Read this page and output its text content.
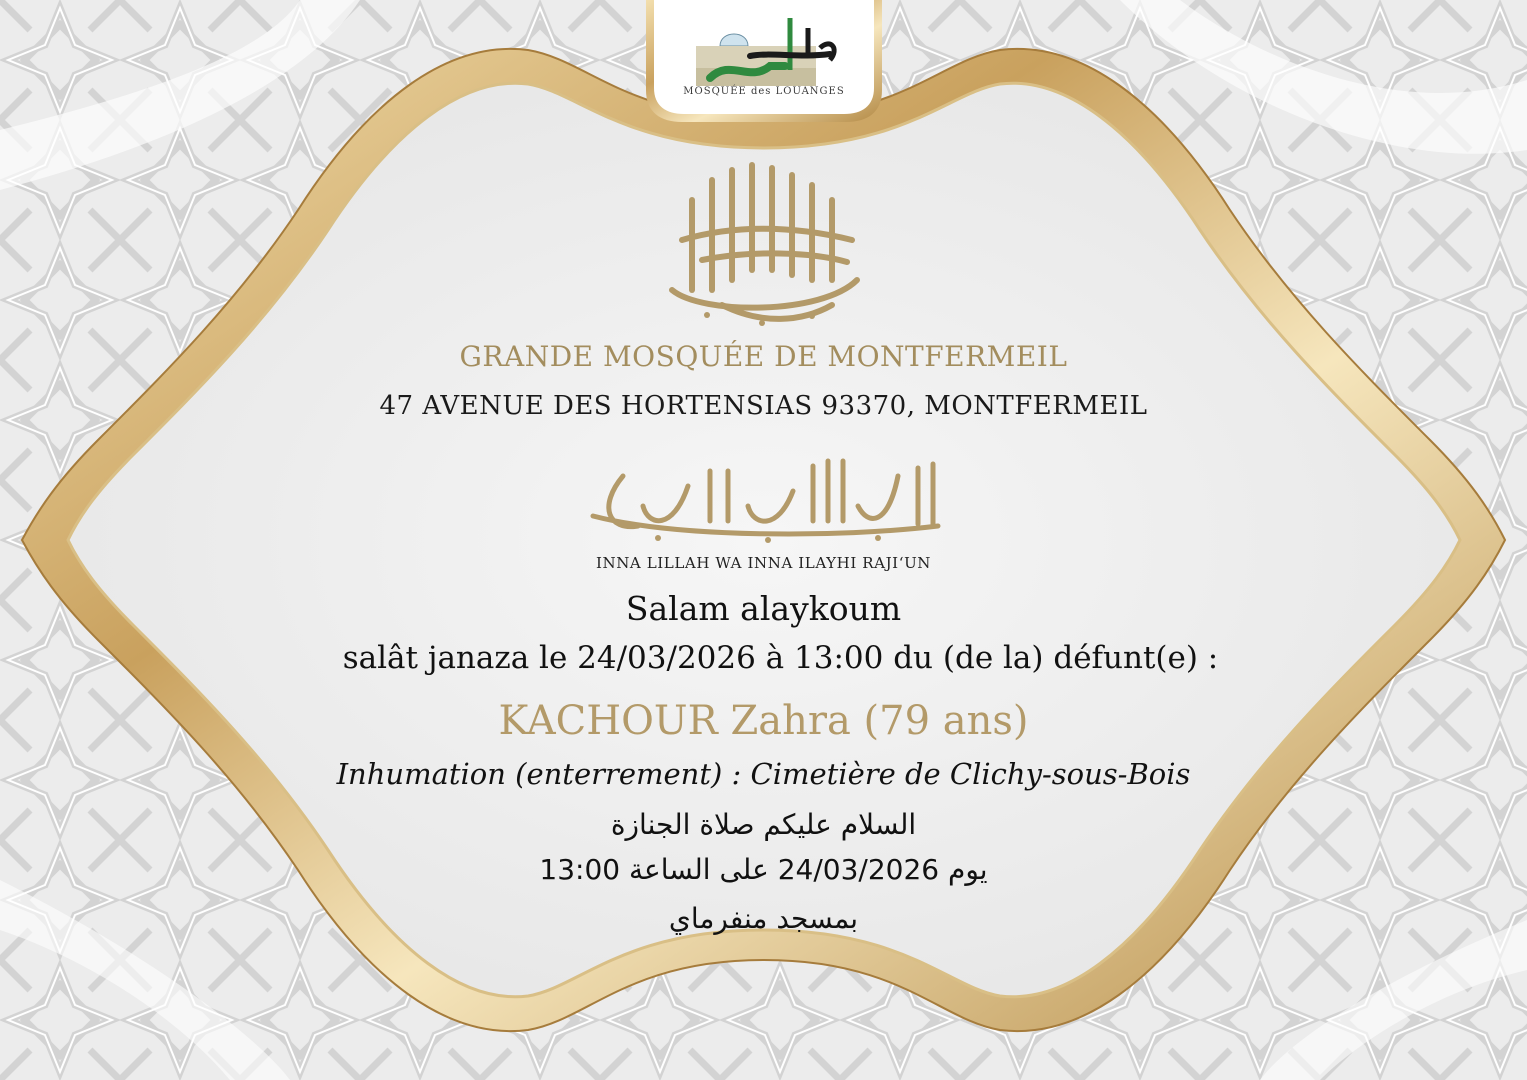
MOSQUÉE des LOUANGES
GRANDE MOSQUÉE DE MONTFERMEIL
47 AVENUE DES HORTENSIAS 93370, MONTFERMEIL
INNA LILLAH WA INNA ILAYHI RAJI‘UN
Salam alaykoum
salât janaza le 24/03/2026 à 13:00 du (de la) défunt(e) :
KACHOUR Zahra (79 ans)
Inhumation (enterrement) : Cimetière de Clichy-sous-Bois
السلام عليكم صلاة الجنازة
يوم 24/03/2026 على الساعة 13:00
بمسجد منفرماي
